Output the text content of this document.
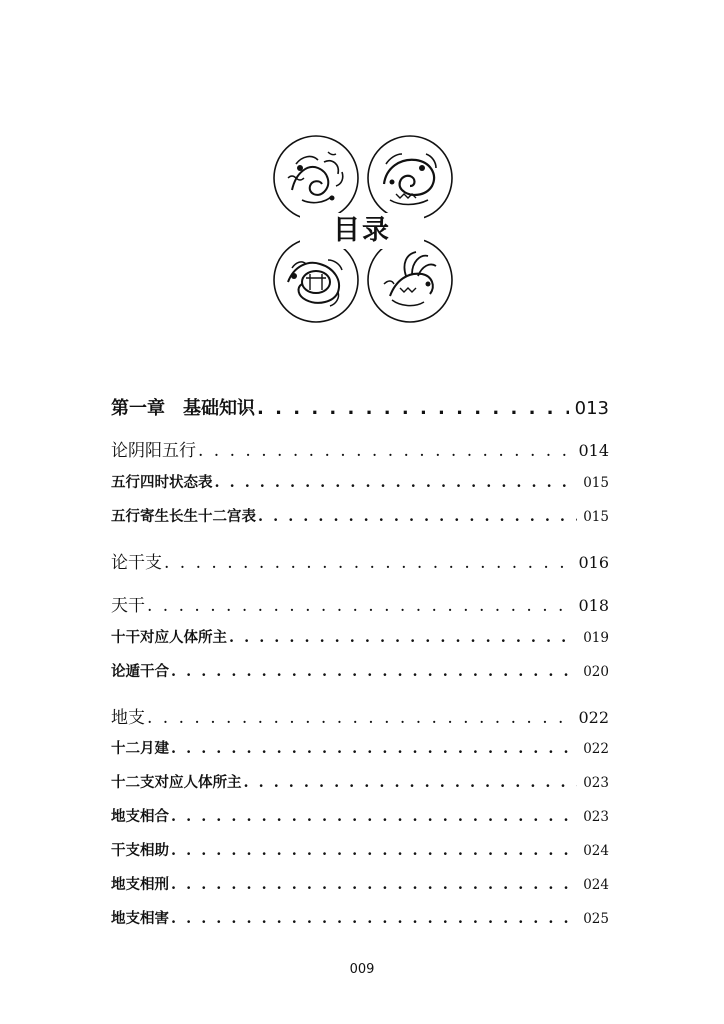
目录
第一章　基础知识 . . .	013
论阴阳五行 . . .	014
五行四时状态表 . . .	015
五行寄生长生十二宫表 . . .	015
论干支 . . .	016
天干 . . .	018
十干对应人体所主 . . .	019
论遁干合 . . .	020
地支 . . .	022
十二月建 . . .	022
十二支对应人体所主 . . .	023
地支相合 . . .	023
干支相助 . . .	024
地支相刑 . . .	024
地支相害 . . .	025
009
